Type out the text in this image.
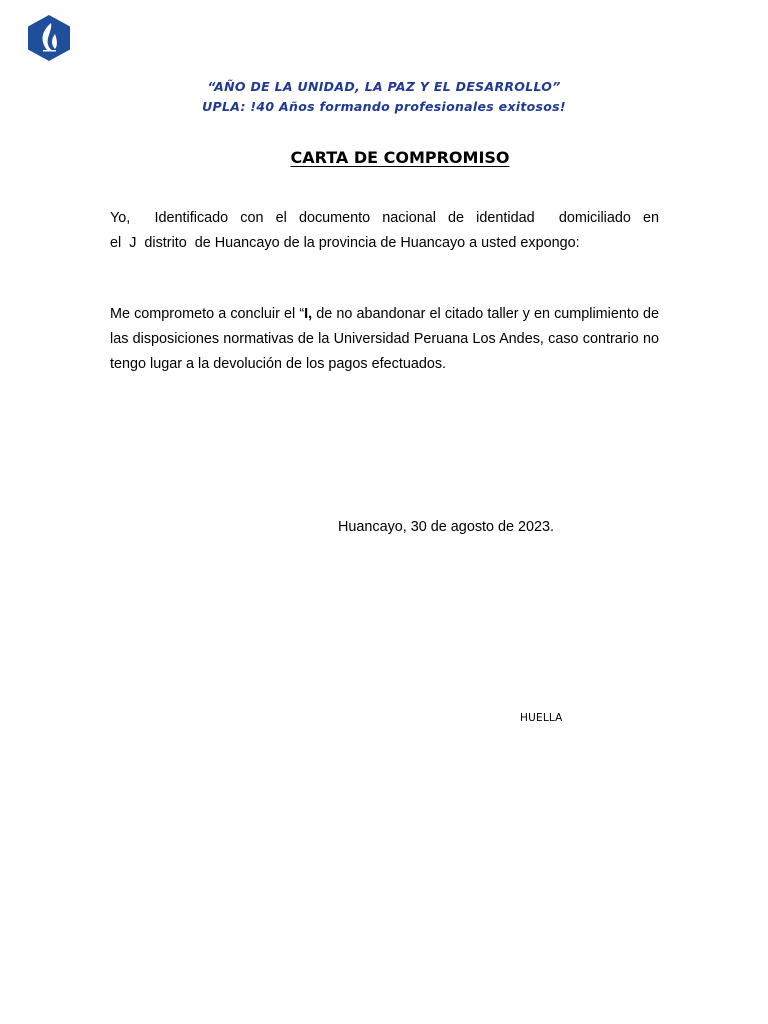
“AÑO DE LA UNIDAD, LA PAZ Y EL DESARROLLO”
UPLA: !40 Años formando profesionales exitosos!
CARTA DE COMPROMISO
Yo,  Identificado con el documento nacional de identidad  domiciliado en
el  J  distrito  de Huancayo de la provincia de Huancayo a usted expongo:

Me comprometo a concluir el “I, de no abandonar el citado taller y en cumplimiento de las disposiciones normativas de la Universidad Peruana Los Andes, caso contrario no tengo lugar a la devolución de los pagos efectuados.

Huancayo, 30 de agosto de 2023.
HUELLA
